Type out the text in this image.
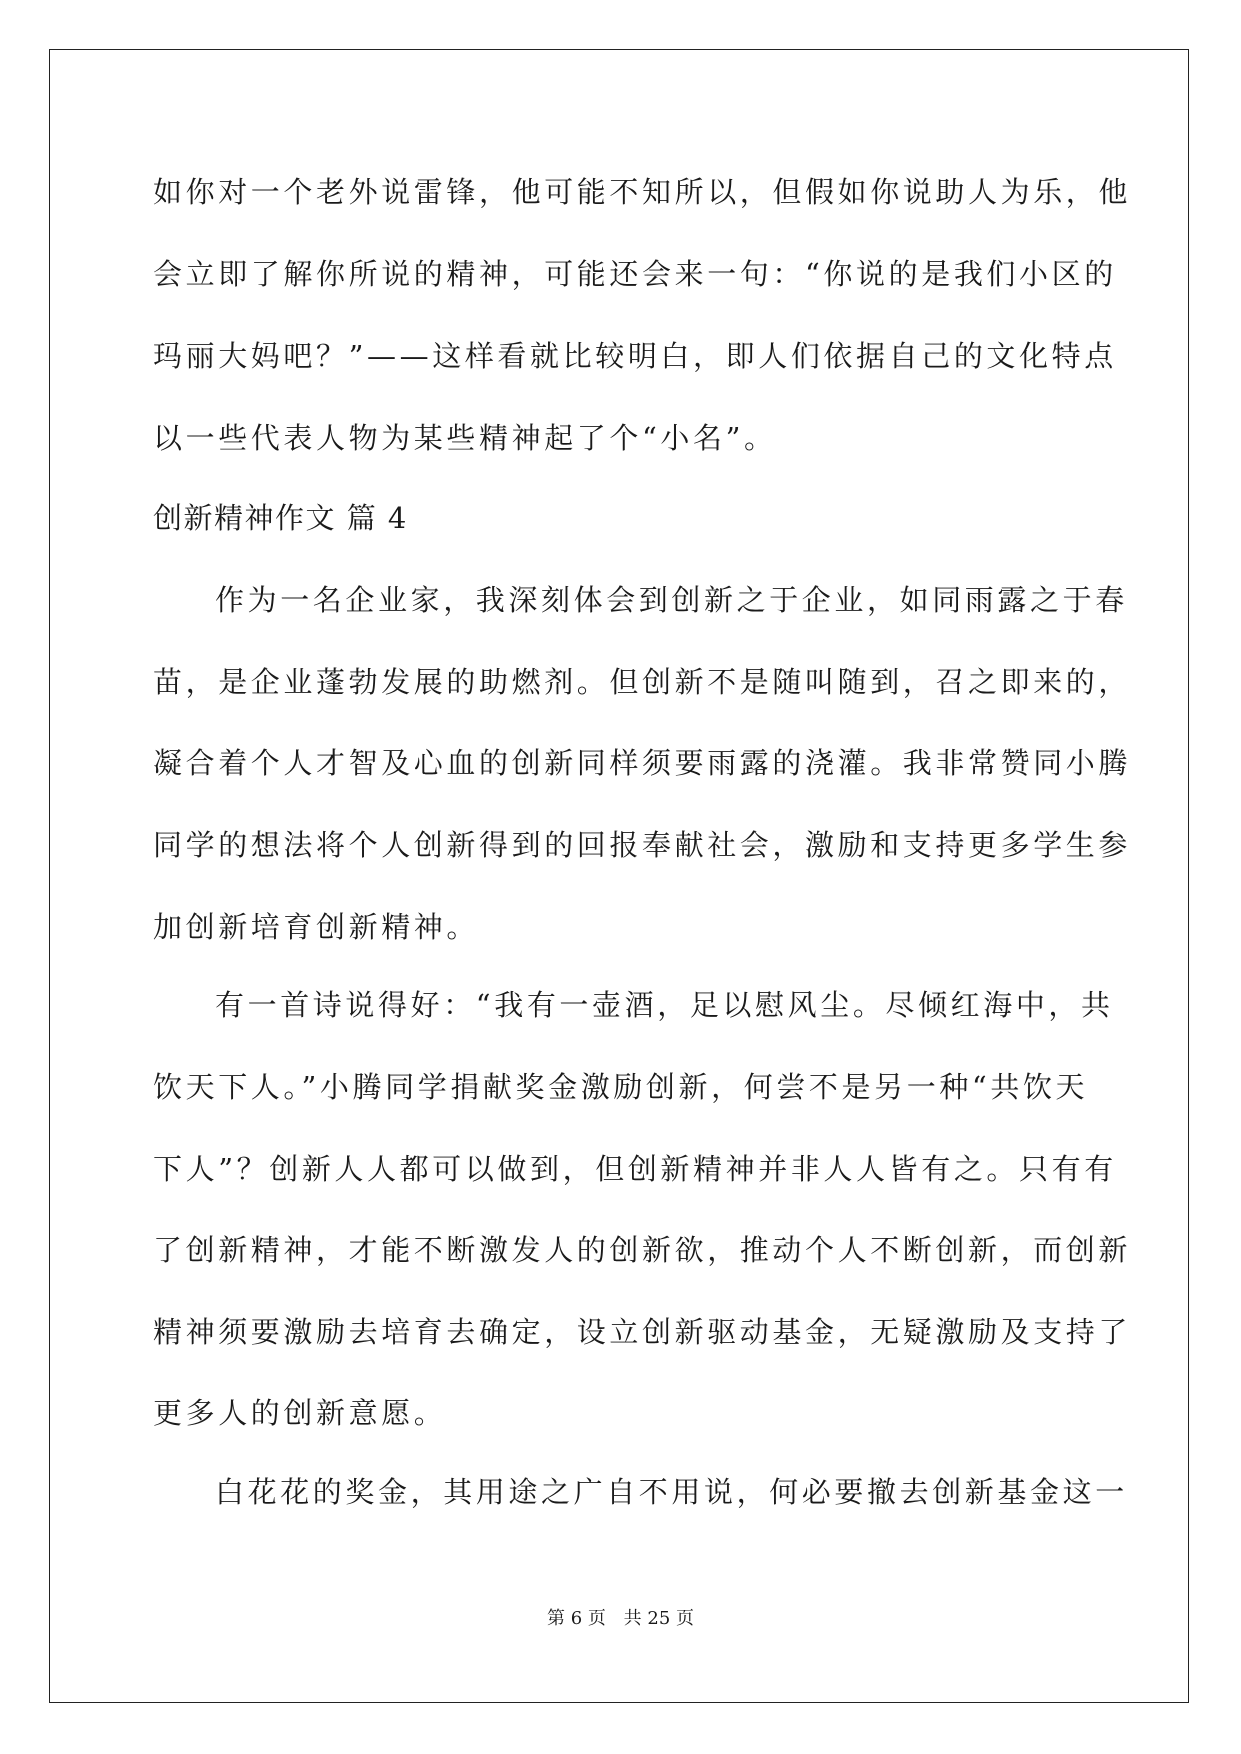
如你对一个老外说雷锋，他可能不知所以，但假如你说助人为乐，他
会立即了解你所说的精神，可能还会来一句：“你说的是我们小区的
玛丽大妈吧？”——这样看就比较明白，即人们依据自己的文化特点
以一些代表人物为某些精神起了个“小名”。
创新精神作文 篇 4
作为一名企业家，我深刻体会到创新之于企业，如同雨露之于春
苗，是企业蓬勃发展的助燃剂。但创新不是随叫随到，召之即来的，
凝合着个人才智及心血的创新同样须要雨露的浇灌。我非常赞同小腾
同学的想法将个人创新得到的回报奉献社会，激励和支持更多学生参
加创新培育创新精神。
有一首诗说得好：“我有一壶酒，足以慰风尘。尽倾红海中，共
饮天下人。”小腾同学捐献奖金激励创新，何尝不是另一种“共饮天
下人”？创新人人都可以做到，但创新精神并非人人皆有之。只有有
了创新精神，才能不断激发人的创新欲，推动个人不断创新，而创新
精神须要激励去培育去确定，设立创新驱动基金，无疑激励及支持了
更多人的创新意愿。
白花花的奖金，其用途之广自不用说，何必要撤去创新基金这一
第 6 页 共 25 页
